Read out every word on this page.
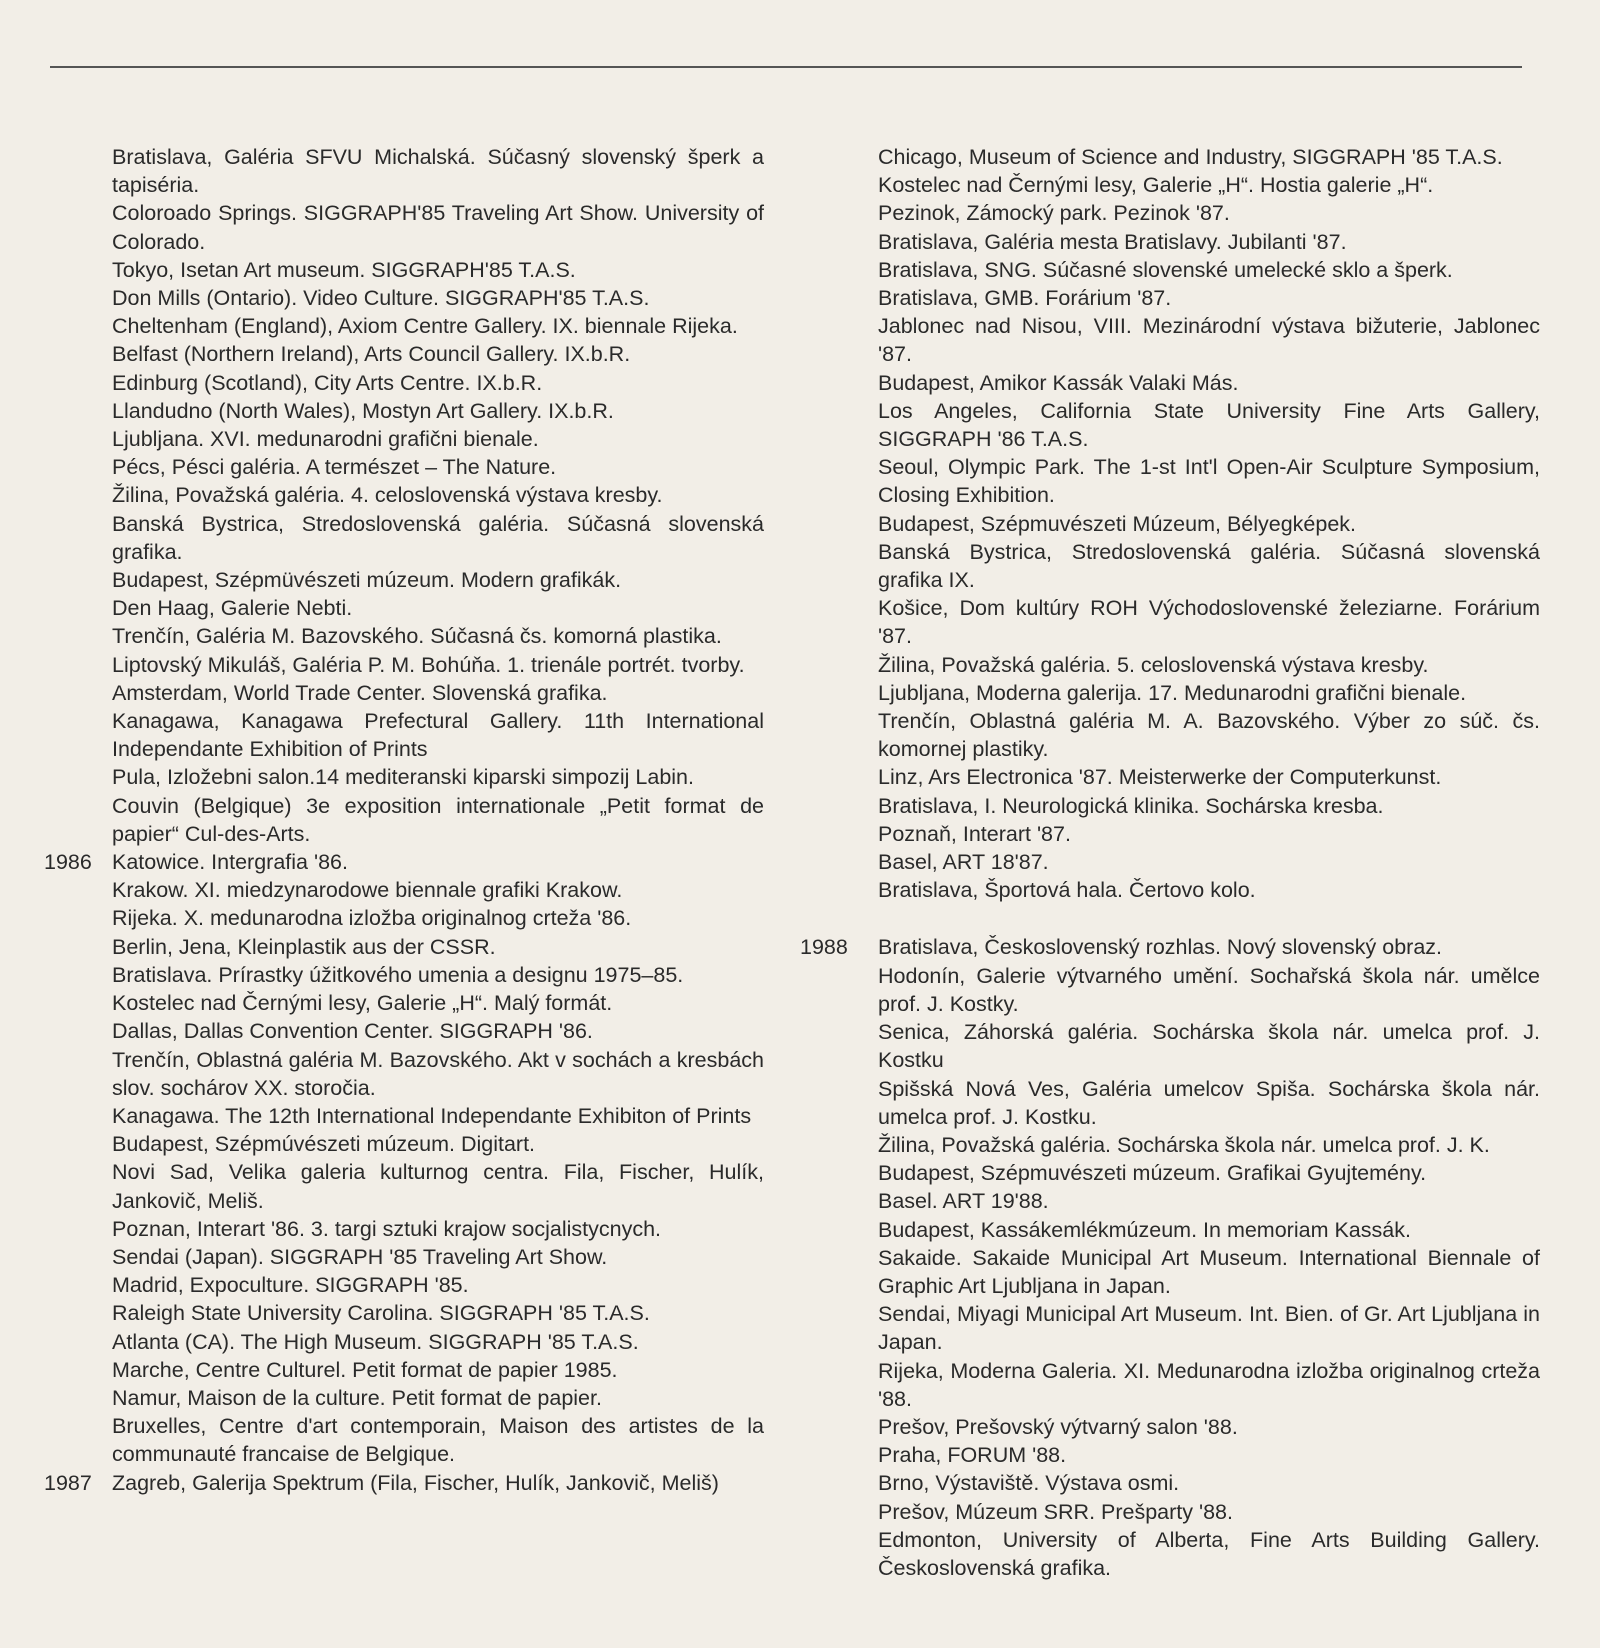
Bratislava, Galéria SFVU Michalská. Súčasný slovenský šperk a tapiséria.
Coloroado Springs. SIGGRAPH'85 Traveling Art Show. University of Colorado.
Tokyo, Isetan Art museum. SIGGRAPH'85 T.A.S.
Don Mills (Ontario). Video Culture. SIGGRAPH'85 T.A.S.
Cheltenham (England), Axiom Centre Gallery. IX. biennale Rijeka.
Belfast (Northern Ireland), Arts Council Gallery. IX.b.R.
Edinburg (Scotland), City Arts Centre. IX.b.R.
Llandudno (North Wales), Mostyn Art Gallery. IX.b.R.
Ljubljana. XVI. medunarodni grafični bienale.
Pécs, Pésci galéria. A természet – The Nature.
Žilina, Považská galéria. 4. celoslovenská výstava kresby.
Banská Bystrica, Stredoslovenská galéria. Súčasná slovenská grafika.
Budapest, Szépmüvészeti múzeum. Modern grafikák.
Den Haag, Galerie Nebti.
Trenčín, Galéria M. Bazovského. Súčasná čs. komorná plastika.
Liptovský Mikuláš, Galéria P. M. Bohúňa. 1. trienále portrét. tvorby.
Amsterdam, World Trade Center. Slovenská grafika.
Kanagawa, Kanagawa Prefectural Gallery. 11th International Independante Exhibition of Prints
Pula, Izložebni salon.14 mediteranski kiparski simpozij Labin.
Couvin (Belgique) 3e exposition internationale „Petit format de papier“ Cul-des-Arts.
1986 Katowice. Intergrafia '86.
Krakow. XI. miedzynarodowe biennale grafiki Krakow.
Rijeka. X. medunarodna izložba originalnog crteža '86.
Berlin, Jena, Kleinplastik aus der CSSR.
Bratislava. Prírastky úžitkového umenia a designu 1975–85.
Kostelec nad Černými lesy, Galerie „H“. Malý formát.
Dallas, Dallas Convention Center. SIGGRAPH '86.
Trenčín, Oblastná galéria M. Bazovského. Akt v sochách a kresbách slov. sochárov XX. storočia.
Kanagawa. The 12th International Independante Exhibiton of Prints
Budapest, Szépmúvészeti múzeum. Digitart.
Novi Sad, Velika galeria kulturnog centra. Fila, Fischer, Hulík, Jankovič, Meliš.
Poznan, Interart '86. 3. targi sztuki krajow socjalistycnych.
Sendai (Japan). SIGGRAPH '85 Traveling Art Show.
Madrid, Expoculture. SIGGRAPH '85.
Raleigh State University Carolina. SIGGRAPH '85 T.A.S.
Atlanta (CA). The High Museum. SIGGRAPH '85 T.A.S.
Marche, Centre Culturel. Petit format de papier 1985.
Namur, Maison de la culture. Petit format de papier.
Bruxelles, Centre d'art contemporain, Maison des artistes de la communauté francaise de Belgique.
1987 Zagreb, Galerija Spektrum (Fila, Fischer, Hulík, Jankovič, Meliš)
Chicago, Museum of Science and Industry, SIGGRAPH '85 T.A.S.
Kostelec nad Černými lesy, Galerie „H“. Hostia galerie „H“.
Pezinok, Zámocký park. Pezinok '87.
Bratislava, Galéria mesta Bratislavy. Jubilanti '87.
Bratislava, SNG. Súčasné slovenské umelecké sklo a šperk.
Bratislava, GMB. Forárium '87.
Jablonec nad Nisou, VIII. Mezinárodní výstava bižuterie, Jablonec '87.
Budapest, Amikor Kassák Valaki Más.
Los Angeles, California State University Fine Arts Gallery, SIGGRAPH '86 T.A.S.
Seoul, Olympic Park. The 1-st Int'l Open-Air Sculpture Symposium, Closing Exhibition.
Budapest, Szépmuvészeti Múzeum, Bélyegképek.
Banská Bystrica, Stredoslovenská galéria. Súčasná slovenská grafika IX.
Košice, Dom kultúry ROH Východoslovenské železiarne. Forárium '87.
Žilina, Považská galéria. 5. celoslovenská výstava kresby.
Ljubljana, Moderna galerija. 17. Medunarodni grafični bienale.
Trenčín, Oblastná galéria M. A. Bazovského. Výber zo súč. čs. komornej plastiky.
Linz, Ars Electronica '87. Meisterwerke der Computerkunst.
Bratislava, I. Neurologická klinika. Sochárska kresba.
Poznaň, Interart '87.
Basel, ART 18'87.
Bratislava, Športová hala. Čertovo kolo.
1988	Bratislava, Československý rozhlas. Nový slovenský obraz.
Hodonín, Galerie výtvarného umění. Sochařská škola nár. umělce prof. J. Kostky.
Senica, Záhorská galéria. Sochárska škola nár. umelca prof. J. Kostku
Spišská Nová Ves, Galéria umelcov Spiša. Sochárska škola nár. umelca prof. J. Kostku.
Žilina, Považská galéria. Sochárska škola nár. umelca prof. J. K.
Budapest, Szépmuvészeti múzeum. Grafikai Gyujtemény.
Basel. ART 19'88.
Budapest, Kassákemlékmúzeum. In memoriam Kassák.
Sakaide. Sakaide Municipal Art Museum. International Biennale of Graphic Art Ljubljana in Japan.
Sendai, Miyagi Municipal Art Museum. Int. Bien. of Gr. Art Ljubljana in Japan.
Rijeka, Moderna Galeria. XI. Medunarodna izložba originalnog crteža '88.
Prešov, Prešovský výtvarný salon '88.
Praha, FORUM '88.
Brno, Výstaviště. Výstava osmi.
Prešov, Múzeum SRR. Prešparty '88.
Edmonton, University of Alberta, Fine Arts Building Gallery. Československá grafika.
